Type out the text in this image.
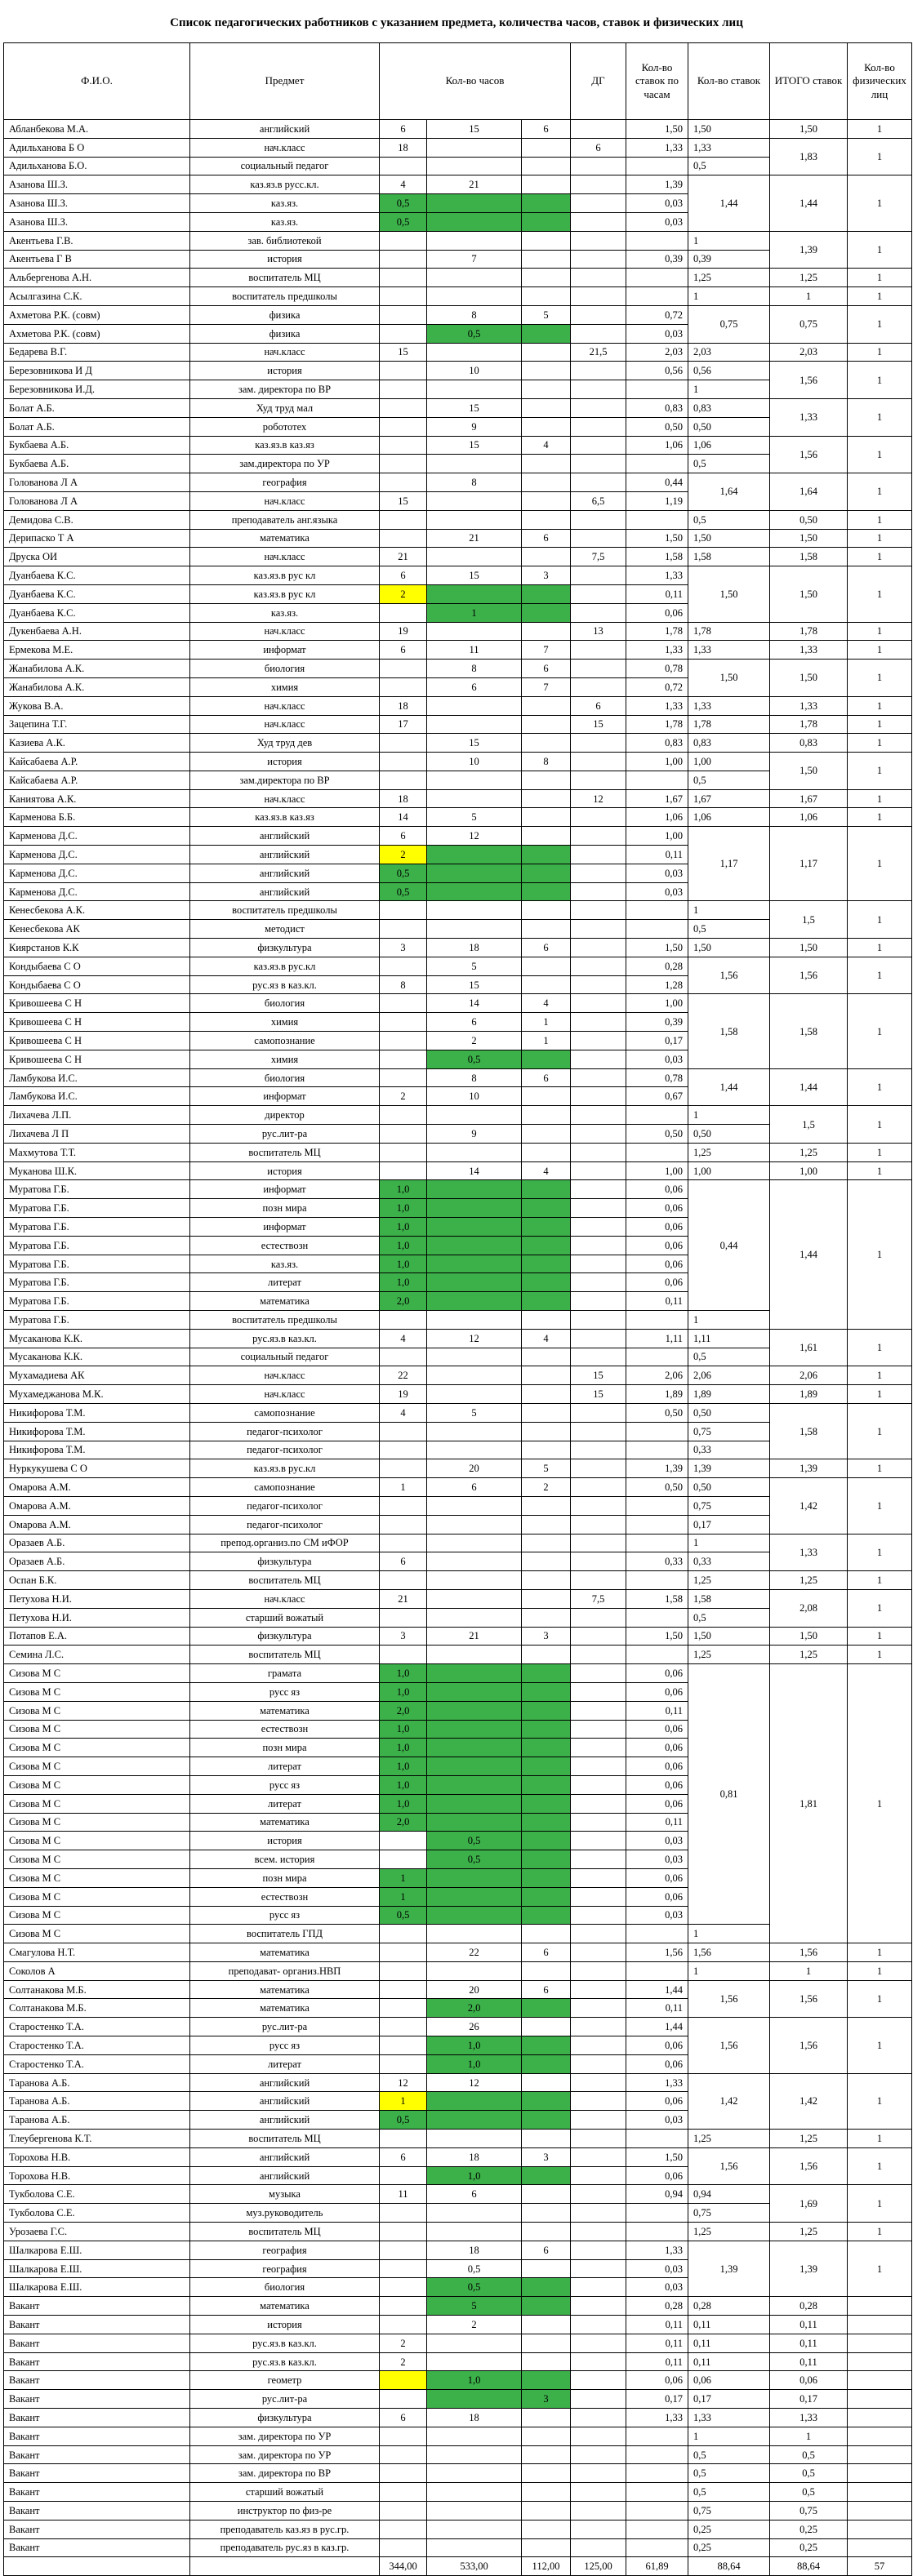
Список педагогических работников с указанием предмета, количества часов, ставок и физических лиц
Ф.И.О.	Предмет	Кол-во часов			ДГ	Кол-во ставок по часам	Кол-во ставок	ИТОГО ставок	Кол-во физических лиц
Абланбекова М.А.	английский	6	15	6		1,50	1,50	1,50	1
Адильханова Б О	нач.класс	18			6	1,33	1,33	1,83	1
Адильханова Б.О.	социальный педагог						0,5		
Азанова Ш.З.	каз.яз.в русс.кл.	4	21			1,39	1,44	1,44	1
Азанова Ш.З.	каз.яз.	0,5				0,03			
Азанова Ш.З.	каз.яз.	0,5				0,03			
Акентьева Г.В.	зав. библиотекой						1	1,39	1
Акентьева Г В	история		7			0,39	0,39		
Альбергенова А.Н.	воспитатель МЦ						1,25	1,25	1
Асылгазина С.К.	воспитатель предшколы						1	1	1
Ахметова Р.К. (совм)	физика		8	5		0,72	0,75	0,75	1
Ахметова Р.К. (совм)	физика		0,5			0,03			
Бедарева В.Г.	нач.класс	15			21,5	2,03	2,03	2,03	1
Березовникова И Д	история		10			0,56	0,56	1,56	1
Березовникова И.Д.	зам. директора по ВР						1		
Болат А.Б.	Худ труд мал		15			0,83	0,83	1,33	1
Болат А.Б.	робототех		9			0,50	0,50		
Букбаева А.Б.	каз.яз.в каз.яз		15	4		1,06	1,06	1,56	1
Букбаева А.Б.	зам.директора по УР						0,5		
Голованова Л А	география		8			0,44	1,64	1,64	1
Голованова Л А	нач.класс	15			6,5	1,19			
Демидова С.В.	преподаватель анг.языка						0,5	0,50	1
Дерипаско Т А	математика		21	6		1,50	1,50	1,50	1
Друска ОИ	нач.класс	21			7,5	1,58	1,58	1,58	1
Дуанбаева К.С.	каз.яз.в рус кл	6	15	3		1,33	1,50	1,50	1
Дуанбаева К.С.	каз.яз.в рус кл	2				0,11			
Дуанбаева К.С.	каз.яз.		1			0,06			
Дукенбаева А.Н.	нач.класс	19			13	1,78	1,78	1,78	1
Ермекова М.Е.	информат	6	11	7		1,33	1,33	1,33	1
Жанабилова А.К.	биология		8	6		0,78	1,50	1,50	1
Жанабилова А.К.	химия		6	7		0,72			
Жукова В.А.	нач.класс	18			6	1,33	1,33	1,33	1
Зацепина Т.Г.	нач.класс	17			15	1,78	1,78	1,78	1
Казиева А.К.	Худ труд дев		15			0,83	0,83	0,83	1
Кайсабаева А.Р.	история		10	8		1,00	1,00	1,50	1
Кайсабаева А.Р.	зам.директора по ВР						0,5		
Каниятова А.К.	нач.класс	18			12	1,67	1,67	1,67	1
Карменова Б.Б.	каз.яз.в каз.яз	14	5			1,06	1,06	1,06	1
Карменова Д.С.	английский	6	12			1,00	1,17	1,17	1
Карменова Д.С.	английский	2				0,11			
Карменова Д.С.	английский	0,5				0,03			
Карменова Д.С.	английский	0,5				0,03			
Кенесбекова А.К.	воспитатель предшколы						1	1,5	1
Кенесбекова АК	методист						0,5		
Киярстанов К.К	физкультура	3	18	6		1,50	1,50	1,50	1
Кондыбаева С О	каз.яз.в рус.кл		5			0,28	1,56	1,56	1
Кондыбаева С О	рус.яз в каз.кл.	8	15			1,28			
Кривошеева С Н	биология		14	4		1,00	1,58	1,58	1
Кривошеева С Н	химия		6	1		0,39			
Кривошеева С Н	самопознание		2	1		0,17			
Кривошеева С Н	химия		0,5			0,03			
Ламбукова И.С.	биология		8	6		0,78	1,44	1,44	1
Ламбукова И.С.	информат	2	10			0,67			
Лихачева Л.П.	директор						1	1,5	1
Лихачева Л П	рус.лит-ра		9			0,50	0,50		
Махмутова Т.Т.	воспитатель МЦ						1,25	1,25	1
Муканова Ш.К.	история		14	4		1,00	1,00	1,00	1
Муратова Г.Б.	информат	1,0				0,06	0,44	1,44	1
Муратова Г.Б.	позн мира	1,0				0,06			
Муратова Г.Б.	информат	1,0				0,06			
Муратова Г.Б.	естествозн	1,0				0,06			
Муратова Г.Б.	каз.яз.	1,0				0,06			
Муратова Г.Б.	литерат	1,0				0,06			
Муратова Г.Б.	математика	2,0				0,11			
Муратова Г.Б.	воспитатель предшколы						1		
Мусаканова К.К.	рус.яз.в каз.кл.	4	12	4		1,11	1,11	1,61	1
Мусаканова К.К.	социальный педагог						0,5		
Мухамадиева АК	нач.класс	22			15	2,06	2,06	2,06	1
Мухамеджанова М.К.	нач.класс	19			15	1,89	1,89	1,89	1
Никифорова Т.М.	самопознание	4	5			0,50	0,50	1,58	1
Никифорова Т.М.	педагог-психолог						0,75		
Никифорова Т.М.	педагог-психолог						0,33		
Нуркукушева С О	каз.яз.в рус.кл		20	5		1,39	1,39	1,39	1
Омарова А.М.	самопознание	1	6	2		0,50	0,50	1,42	1
Омарова А.М.	педагог-психолог						0,75		
Омарова А.М.	педагог-психолог						0,17		
Оразаев А.Б.	препод.организ.по СМ иФОР						1	1,33	1
Оразаев А.Б.	физкультура	6				0,33	0,33		
Оспан Б.К.	воспитатель МЦ						1,25	1,25	1
Петухова Н.И.	нач.класс	21			7,5	1,58	1,58	2,08	1
Петухова Н.И.	старший вожатый						0,5		
Потапов Е.А.	физкультура	3	21	3		1,50	1,50	1,50	1
Семина Л.С.	воспитатель МЦ						1,25	1,25	1
Сизова М С	грамата	1,0				0,06	0,81	1,81	1
Сизова М С	русс яз	1,0				0,06			
Сизова М С	математика	2,0				0,11			
Сизова М С	естествозн	1,0				0,06			
Сизова М С	позн мира	1,0				0,06			
Сизова М С	литерат	1,0				0,06			
Сизова М С	русс яз	1,0				0,06			
Сизова М С	литерат	1,0				0,06			
Сизова М С	математика	2,0				0,11			
Сизова М С	история		0,5			0,03			
Сизова М С	всем. история		0,5			0,03			
Сизова М С	позн мира	1				0,06			
Сизова М С	естествозн	1				0,06			
Сизова М С	русс яз	0,5				0,03			
Сизова М С	воспитатель ГПД						1		
Смагулова Н.Т.	математика		22	6		1,56	1,56	1,56	1
Соколов А	преподават- организ.НВП						1	1	1
Солтанакова М.Б.	математика		20	6		1,44	1,56	1,56	1
Солтанакова М.Б.	математика		2,0			0,11			
Старостенко Т.А.	рус.лит-ра		26			1,44	1,56	1,56	1
Старостенко Т.А.	русс яз		1,0			0,06			
Старостенко Т.А.	литерат		1,0			0,06			
Таранова А.Б.	английский	12	12			1,33	1,42	1,42	1
Таранова А.Б.	английский	1				0,06			
Таранова А.Б.	английский	0,5				0,03			
Тлеубергенова К.Т.	воспитатель МЦ						1,25	1,25	1
Торохова Н.В.	английский	6	18	3		1,50	1,56	1,56	1
Торохова Н.В.	английский		1,0			0,06			
Тукболова С.Е.	музыка	11	6			0,94	0,94	1,69	1
Тукболова С.Е.	муз.руководитель						0,75		
Урозаева Г.С.	воспитатель МЦ						1,25	1,25	1
Шалкарова Е.Ш.	география		18	6		1,33	1,39	1,39	1
Шалкарова Е.Ш.	география		0,5			0,03			
Шалкарова Е.Ш.	биология		0,5			0,03			
Вакант	математика		5			0,28	0,28	0,28	
Вакант	история		2			0,11	0,11	0,11	
Вакант	рус.яз.в каз.кл.	2				0,11	0,11	0,11	
Вакант	рус.яз.в каз.кл.	2				0,11	0,11	0,11	
Вакант	геометр		1,0			0,06	0,06	0,06	
Вакант	рус.лит-ра			3		0,17	0,17	0,17	
Вакант	физкультура	6	18			1,33	1,33	1,33	
Вакант	зам. директора по УР						1	1	
Вакант	зам. директора по УР						0,5	0,5	
Вакант	зам. директора по ВР						0,5	0,5	
Вакант	старший вожатый						0,5	0,5	
Вакант	инструктор по физ-ре						0,75	0,75	
Вакант	преподаватель каз.яз в рус.гр.						0,25	0,25	
Вакант	преподаватель рус.яз в каз.гр.						0,25	0,25	
		344,00	533,00	112,00	125,00	61,89	88,64	88,64	57
